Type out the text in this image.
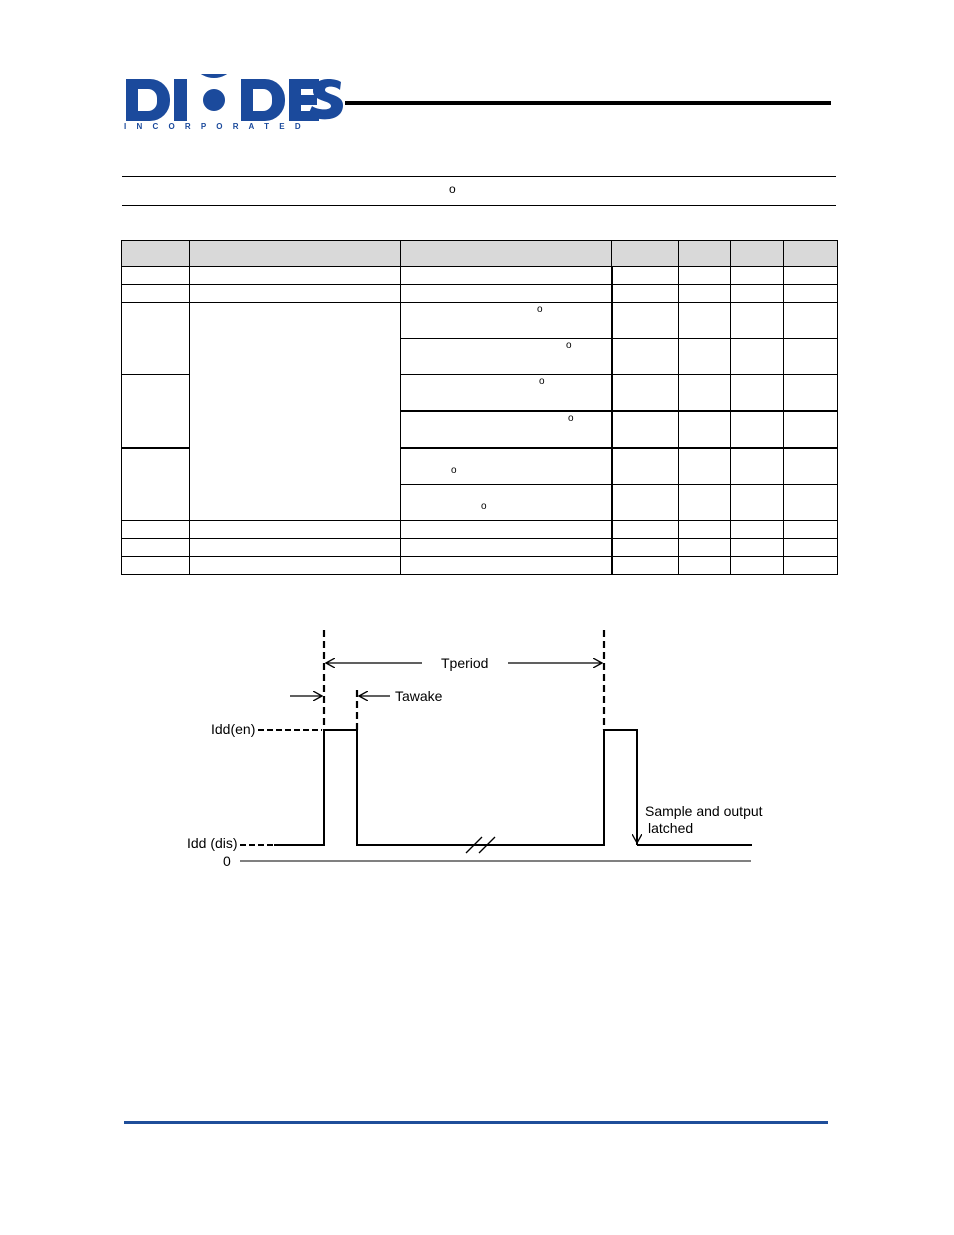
I N C O R P O R A T E D
o

		o				

		o				

		o				

		o				

		o				

		o				

Tperiod
Tawake
Idd(en)
Idd (dis)
0
Sample and output
latched
